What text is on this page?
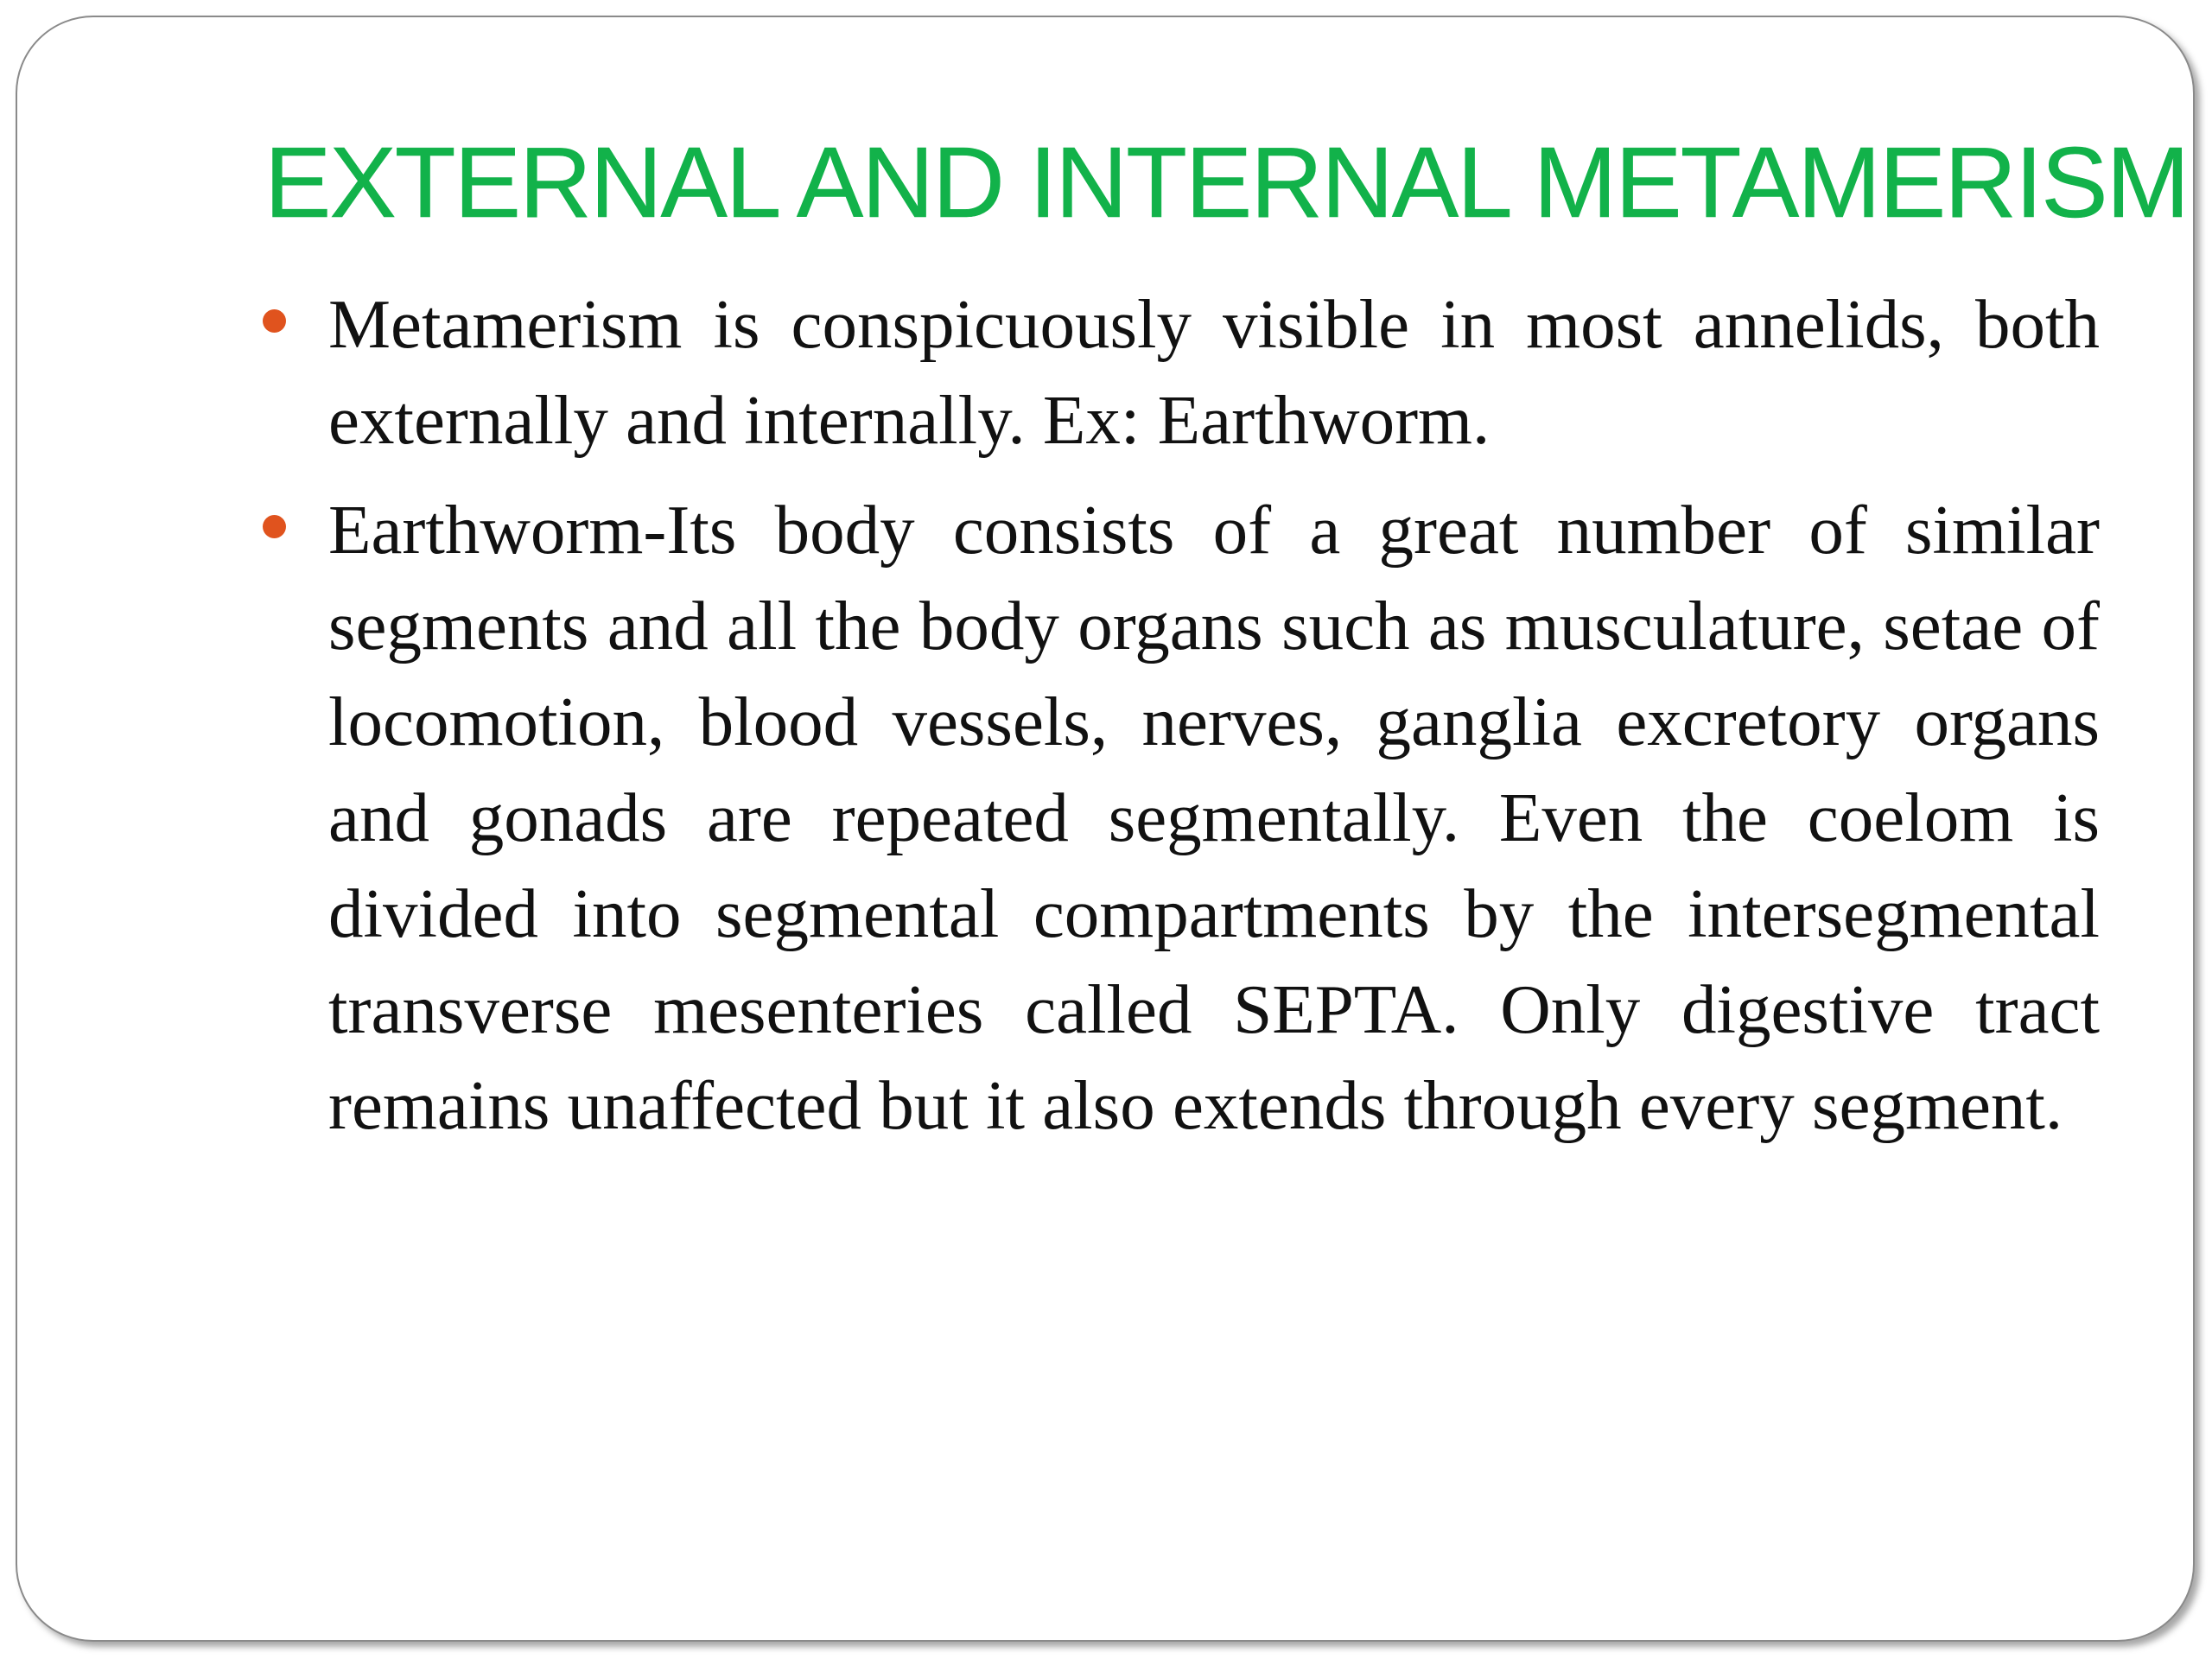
EXTERNAL AND INTERNAL METAMERISM
Metamerism is conspicuously visible in most annelids, both externally and internally. Ex: Earthworm.
Earthworm-Its body consists of a great number of similar segments and all the body organs such as musculature, setae of locomotion, blood vessels, nerves, ganglia excretory organs and gonads are repeated segmentally. Even the coelom is divided into segmental compartments by the intersegmental transverse mesenteries called SEPTA. Only digestive tract remains unaffected but it also extends through every segment.
